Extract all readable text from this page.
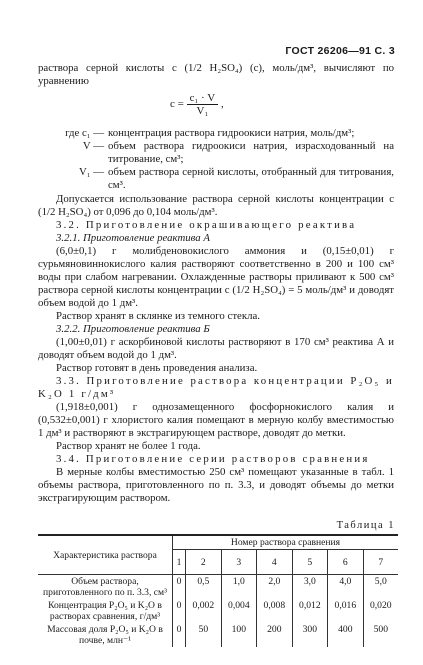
ГОСТ 26206—91 С. 3

раствора серной кислоты c (1/2 H₂SO₄) (c), моль/дм³, вычисляют по уравнению

$c = \frac{\text{c₁ · V}}{\text{V₁}}$ ,
где c₁ — концентрация раствора гидроокиси натрия, моль/дм³;
V — объем раствора гидроокиси натрия, израсходованный на титрование, см³;
V₁ — объем раствора серной кислоты, отобранный для титрования, см³.

Допускается использование раствора серной кислоты концентрации c (1/2 H₂SO₄) от 0,096 до 0,104 моль/дм³.

3.2. Приготовление окрашивающего реактива

3.2.1. Приготовление реактива А

(6,0±0,1) г молибденовокислого аммония и (0,15±0,01) г сурьмяновиннокислого калия растворяют соответственно в 200 и 100 см³ воды при слабом нагревании. Охлажденные растворы приливают к 500 см³ раствора серной кислоты концентрации c (1/2 H₂SO₄) = 5 моль/дм³ и доводят объем водой до 1 дм³.

Раствор хранят в склянке из темного стекла.

3.2.2. Приготовление реактива Б

(1,00±0,01) г аскорбиновой кислоты растворяют в 170 см³ реактива А и доводят объем водой до 1 дм³.

Раствор готовят в день проведения анализа.

3.3. Приготовление раствора концентрации P₂O₅ и K₂O 1 г/дм³

(1,918±0,001) г однозамещенного фосфорнокислого калия и (0,532±0,001) г хлористого калия помещают в мерную колбу вместимостью 1 дм³ и растворяют в экстрагирующем растворе, доводят до метки.

Раствор хранят не более 1 года.

3.4. Приготовление серии растворов сравнения

В мерные колбы вместимостью 250 см³ помещают указанные в табл. 1 объемы раствора, приготовленного по п. 3.3, и доводят объемы до метки экстрагирующим раствором.

Таблица 1
Характеристика раствора	Номер раствора сравнения						
	1	2	3	4	5	6	7
Объем раствора, приготовленного по п. 3.3, см³	0	0,5	1,0	2,0	3,0	4,0	5,0
Концентрация P₂O₅ и K₂O в растворах сравнения, г/дм³	0	0,002	0,004	0,008	0,012	0,016	0,020
Массовая доля P₂O₅ и K₂O в почве, млн⁻¹	0	50	100	200	300	400	500
